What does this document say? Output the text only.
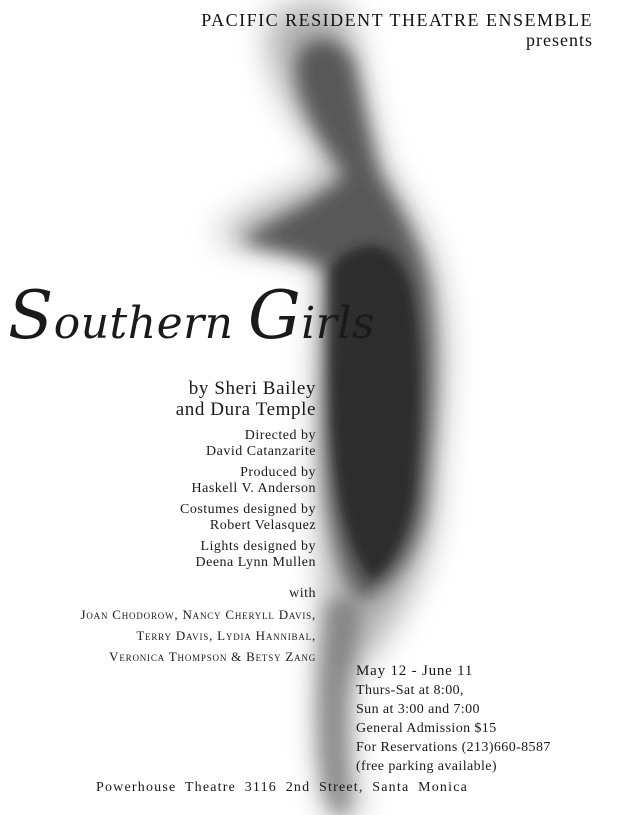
PACIFIC RESIDENT THEATRE ENSEMBLE
presents
Southern Girls
by Sheri Bailey
and Dura Temple
Directed by
David Catanzarite
Produced by
Haskell V. Anderson
Costumes designed by
Robert Velasquez
Lights designed by
Deena Lynn Mullen
with
Joan Chodorow, Nancy Cheryll Davis,
Terry Davis, Lydia Hannibal,
Veronica Thompson & Betsy Zang
May 12 - June 11
Thurs-Sat at 8:00,
Sun at 3:00 and 7:00
General Admission $15
For Reservations (213)660-8587
(free parking available)
Powerhouse Theatre 3116 2nd Street, Santa Monica
